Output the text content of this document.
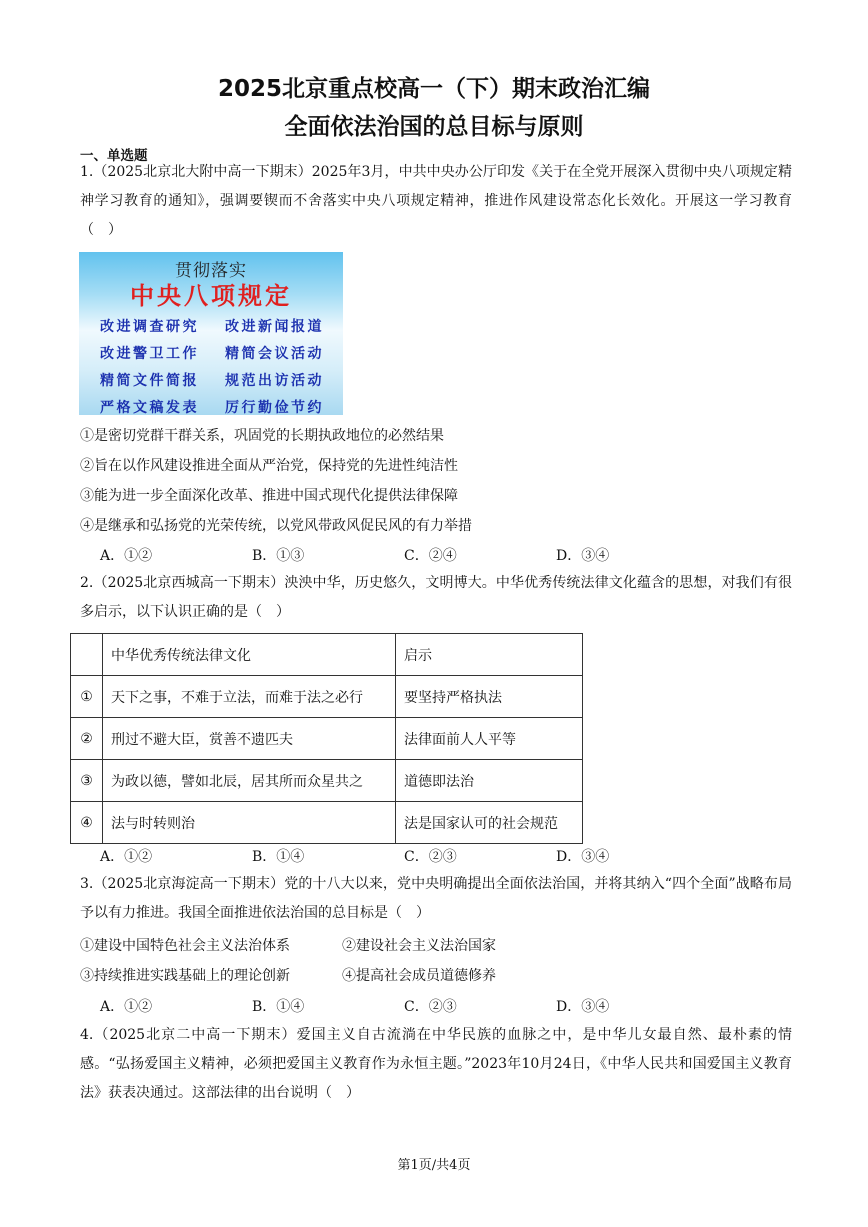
2025北京重点校高一（下）期末政治汇编
全面依法治国的总目标与原则
一、单选题
1.（2025北京北大附中高一下期末）2025年3月，中共中央办公厅印发《关于在全党开展深入贯彻中央八项规定精神学习教育的通知》，强调要锲而不舍落实中央八项规定精神，推进作风建设常态化长效化。开展这一学习教育（　）
贯彻落实
中央八项规定
改进调查研究 改进新闻报道
改进警卫工作 精简会议活动
精简文件简报 规范出访活动
严格文稿发表 厉行勤俭节约
①是密切党群干群关系，巩固党的长期执政地位的必然结果
②旨在以作风建设推进全面从严治党，保持党的先进性纯洁性
③能为进一步全面深化改革、推进中国式现代化提供法律保障
④是继承和弘扬党的光荣传统，以党风带政风促民风的有力举措
A．①②	B．①③	C．②④	D．③④
2.（2025北京西城高一下期末）泱泱中华，历史悠久，文明博大。中华优秀传统法律文化蕴含的思想，对我们有很多启示，以下认识正确的是（　）
	中华优秀传统法律文化	启示
①	天下之事，不难于立法，而难于法之必行	要坚持严格执法
②	刑过不避大臣，赏善不遗匹夫	法律面前人人平等
③	为政以德，譬如北辰，居其所而众星共之	道德即法治
④	法与时转则治	法是国家认可的社会规范
A．①②	B．①④	C．②③	D．③④
3.（2025北京海淀高一下期末）党的十八大以来，党中央明确提出全面依法治国，并将其纳入“四个全面”战略布局予以有力推进。我国全面推进依法治国的总目标是（　）
①建设中国特色社会主义法治体系	②建设社会主义法治国家
③持续推进实践基础上的理论创新	④提高社会成员道德修养
A．①②	B．①④	C．②③	D．③④
4.（2025北京二中高一下期末）爱国主义自古流淌在中华民族的血脉之中，是中华儿女最自然、最朴素的情感。“弘扬爱国主义精神，必须把爱国主义教育作为永恒主题。”2023年10月24日，《中华人民共和国爱国主义教育法》获表决通过。这部法律的出台说明（　）
第1页/共4页
